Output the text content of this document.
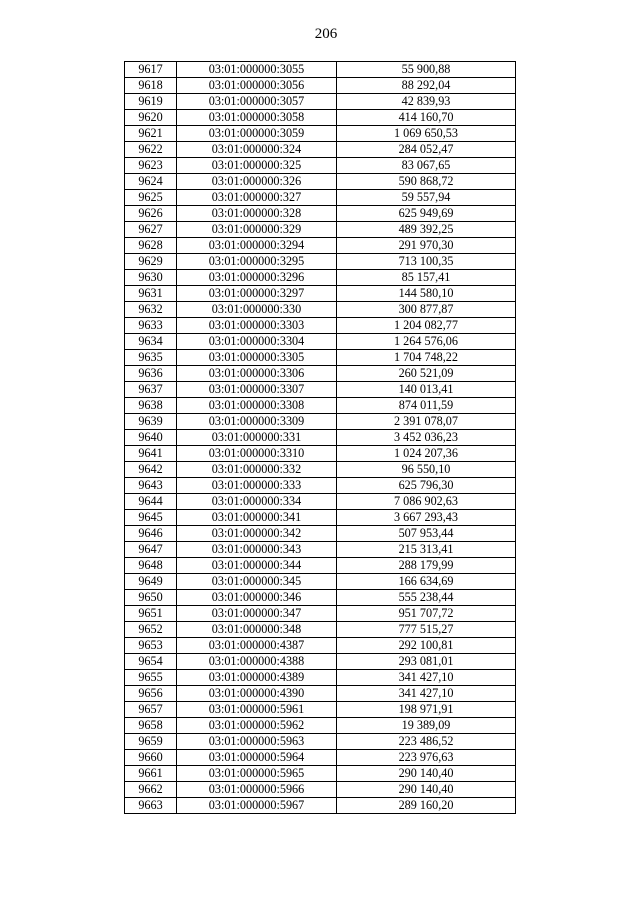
206
9617	03:01:000000:3055	55 900,88
9618	03:01:000000:3056	88 292,04
9619	03:01:000000:3057	42 839,93
9620	03:01:000000:3058	414 160,70
9621	03:01:000000:3059	1 069 650,53
9622	03:01:000000:324	284 052,47
9623	03:01:000000:325	83 067,65
9624	03:01:000000:326	590 868,72
9625	03:01:000000:327	59 557,94
9626	03:01:000000:328	625 949,69
9627	03:01:000000:329	489 392,25
9628	03:01:000000:3294	291 970,30
9629	03:01:000000:3295	713 100,35
9630	03:01:000000:3296	85 157,41
9631	03:01:000000:3297	144 580,10
9632	03:01:000000:330	300 877,87
9633	03:01:000000:3303	1 204 082,77
9634	03:01:000000:3304	1 264 576,06
9635	03:01:000000:3305	1 704 748,22
9636	03:01:000000:3306	260 521,09
9637	03:01:000000:3307	140 013,41
9638	03:01:000000:3308	874 011,59
9639	03:01:000000:3309	2 391 078,07
9640	03:01:000000:331	3 452 036,23
9641	03:01:000000:3310	1 024 207,36
9642	03:01:000000:332	96 550,10
9643	03:01:000000:333	625 796,30
9644	03:01:000000:334	7 086 902,63
9645	03:01:000000:341	3 667 293,43
9646	03:01:000000:342	507 953,44
9647	03:01:000000:343	215 313,41
9648	03:01:000000:344	288 179,99
9649	03:01:000000:345	166 634,69
9650	03:01:000000:346	555 238,44
9651	03:01:000000:347	951 707,72
9652	03:01:000000:348	777 515,27
9653	03:01:000000:4387	292 100,81
9654	03:01:000000:4388	293 081,01
9655	03:01:000000:4389	341 427,10
9656	03:01:000000:4390	341 427,10
9657	03:01:000000:5961	198 971,91
9658	03:01:000000:5962	19 389,09
9659	03:01:000000:5963	223 486,52
9660	03:01:000000:5964	223 976,63
9661	03:01:000000:5965	290 140,40
9662	03:01:000000:5966	290 140,40
9663	03:01:000000:5967	289 160,20
